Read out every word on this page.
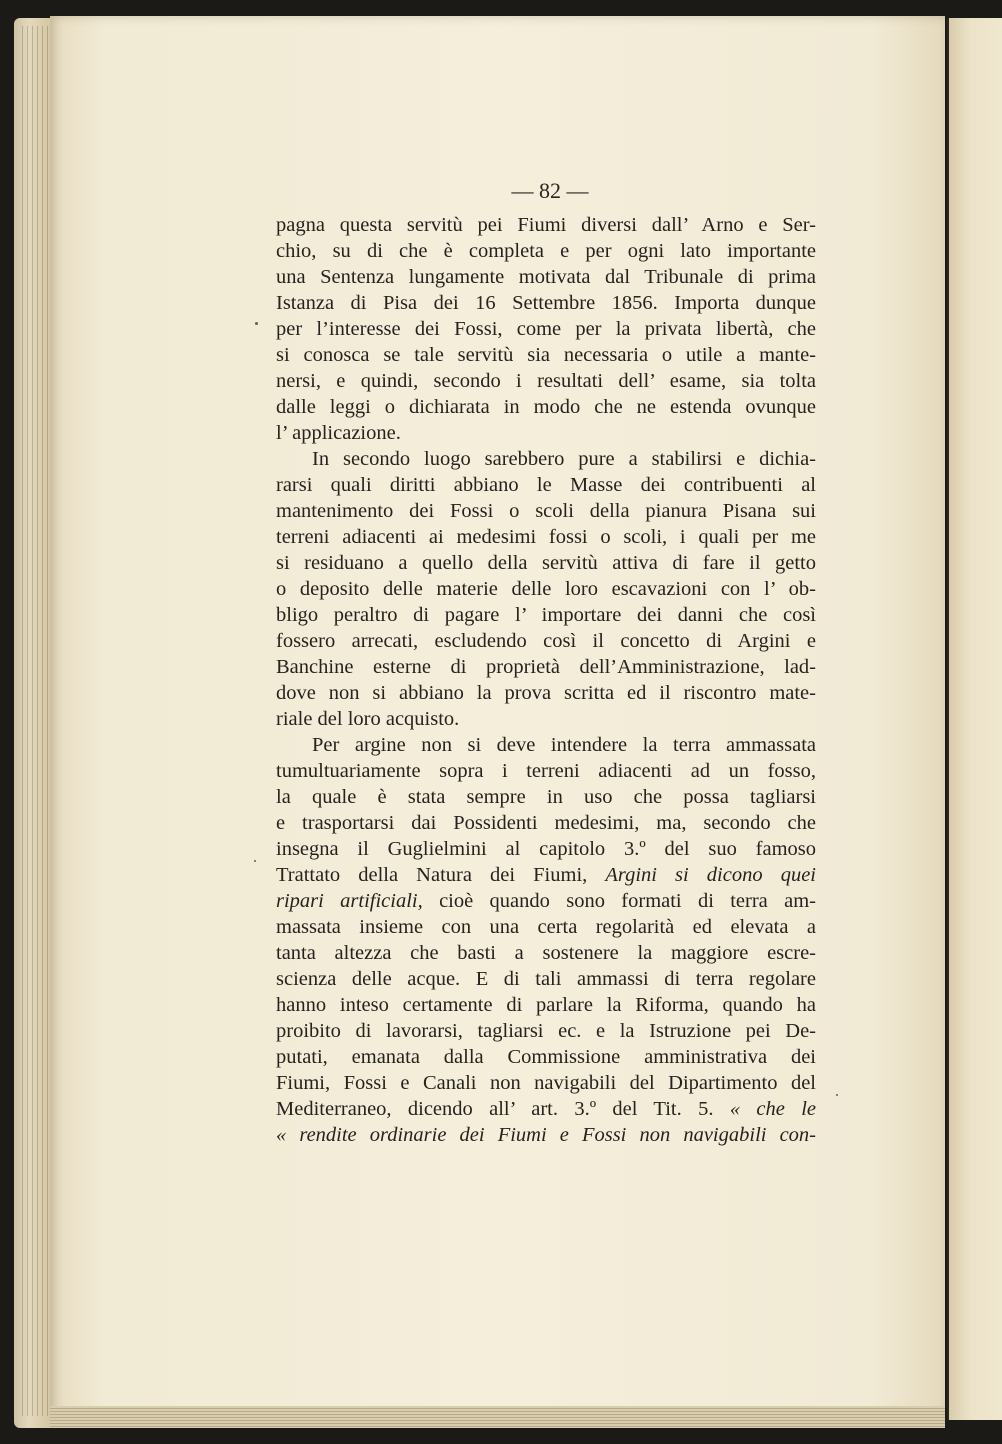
— 82 —
pagna questa servitù pei Fiumi diversi dall’ Arno e Ser-
chio, su di che è completa e per ogni lato importante
una Sentenza lungamente motivata dal Tribunale di prima
Istanza di Pisa dei 16 Settembre 1856. Importa dunque
per l’interesse dei Fossi, come per la privata libertà, che
si conosca se tale servitù sia necessaria o utile a mante-
nersi, e quindi, secondo i resultati dell’ esame, sia tolta
dalle leggi o dichiarata in modo che ne estenda ovunque
l’ applicazione.
In secondo luogo sarebbero pure a stabilirsi e dichia-
rarsi quali diritti abbiano le Masse dei contribuenti al
mantenimento dei Fossi o scoli della pianura Pisana sui
terreni adiacenti ai medesimi fossi o scoli, i quali per me
si residuano a quello della servitù attiva di fare il getto
o deposito delle materie delle loro escavazioni con l’ ob-
bligo peraltro di pagare l’ importare dei danni che così
fossero arrecati, escludendo così il concetto di Argini e
Banchine esterne di proprietà dell’Amministrazione, lad-
dove non si abbiano la prova scritta ed il riscontro mate-
riale del loro acquisto.
Per argine non si deve intendere la terra ammassata
tumultuariamente sopra i terreni adiacenti ad un fosso,
la quale è stata sempre in uso che possa tagliarsi
e trasportarsi dai Possidenti medesimi, ma, secondo che
insegna il Guglielmini al capitolo 3.º del suo famoso
Trattato della Natura dei Fiumi, Argini si dicono quei
ripari artificiali, cioè quando sono formati di terra am-
massata insieme con una certa regolarità ed elevata a
tanta altezza che basti a sostenere la maggiore escre-
scienza delle acque. E di tali ammassi di terra regolare
hanno inteso certamente di parlare la Riforma, quando ha
proibito di lavorarsi, tagliarsi ec. e la Istruzione pei De-
putati, emanata dalla Commissione amministrativa dei
Fiumi, Fossi e Canali non navigabili del Dipartimento del
Mediterraneo, dicendo all’ art. 3.º del Tit. 5. « che le
« rendite ordinarie dei Fiumi e Fossi non navigabili con-
